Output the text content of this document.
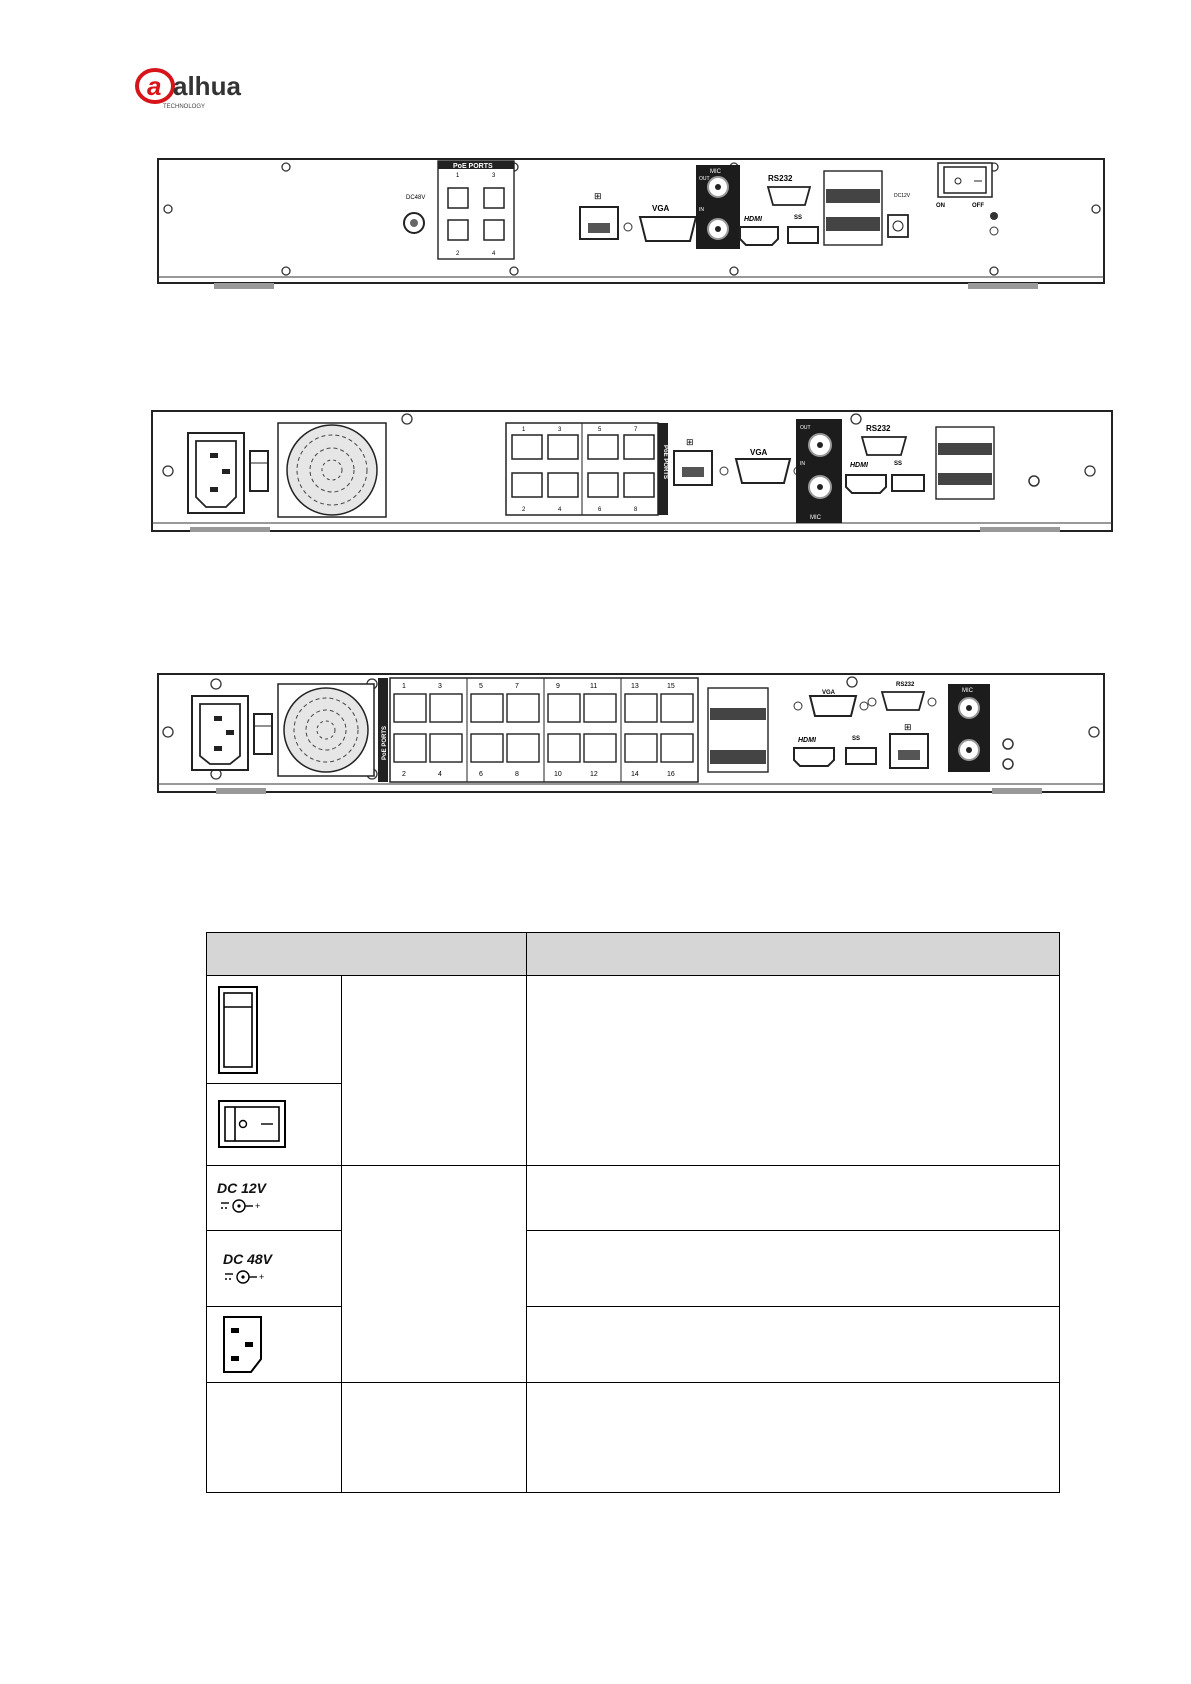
a alhua
TECHNOLOGY
DC48V
PoE PORTS
1	3
2	4
⊞
VGA
MIC
OUT
IN
RS232
HDMI	SS
DC12V
ON	OFF
PoE PORTS
1	3	5	7
2	4	6	8
⊞
VGA
OUT
IN
MIC
RS232
HDMI	SS
PoE PORTS
1	3	5	7	9	11	13	15
2	4	6	8	10	12	14	16
VGA
RS232
HDMI	SS
⊞
MIC

DC 12V
+		

DC 48V
+		
